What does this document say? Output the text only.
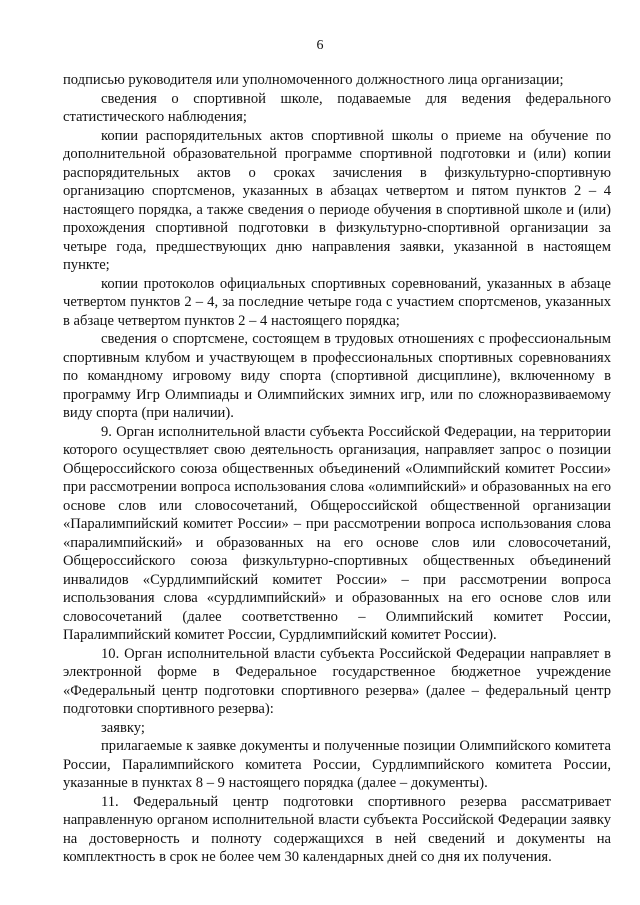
6

подписью руководителя или уполномоченного должностного лица организации;

сведения о спортивной школе, подаваемые для ведения федерального статистического наблюдения;

копии распорядительных актов спортивной школы о приеме на обучение по дополнительной образовательной программе спортивной подготовки и (или) копии распорядительных актов о сроках зачисления в физкультурно-спортивную организацию спортсменов, указанных в абзацах четвертом и пятом пунктов 2 – 4 настоящего порядка, а также сведения о периоде обучения в спортивной школе и (или) прохождения спортивной подготовки в физкультурно-спортивной организации за четыре года, предшествующих дню направления заявки, указанной в настоящем пункте;

копии протоколов официальных спортивных соревнований, указанных в абзаце четвертом пунктов 2 – 4, за последние четыре года с участием спортсменов, указанных в абзаце четвертом пунктов 2 – 4 настоящего порядка;

сведения о спортсмене, состоящем в трудовых отношениях с профессиональным спортивным клубом и участвующем в профессиональных спортивных соревнованиях по командному игровому виду спорта (спортивной дисциплине), включенному в программу Игр Олимпиады и Олимпийских зимних игр, или по сложноразвиваемому виду спорта (при наличии).

9. Орган исполнительной власти субъекта Российской Федерации, на территории которого осуществляет свою деятельность организация, направляет запрос о позиции Общероссийского союза общественных объединений «Олимпийский комитет России» при рассмотрении вопроса использования слова «олимпийский» и образованных на его основе слов или словосочетаний, Общероссийской общественной организации «Паралимпийский комитет России» – при рассмотрении вопроса использования слова «паралимпийский» и образованных на его основе слов или словосочетаний, Общероссийского союза физкультурно-спортивных общественных объединений инвалидов «Сурдлимпийский комитет России» – при рассмотрении вопроса использования слова «сурдлимпийский» и образованных на его основе слов или словосочетаний (далее соответственно – Олимпийский комитет России, Паралимпийский комитет России, Сурдлимпийский комитет России).

10. Орган исполнительной власти субъекта Российской Федерации направляет в электронной форме в Федеральное государственное бюджетное учреждение «Федеральный центр подготовки спортивного резерва» (далее – федеральный центр подготовки спортивного резерва):

заявку;

прилагаемые к заявке документы и полученные позиции Олимпийского комитета России, Паралимпийского комитета России, Сурдлимпийского комитета России, указанные в пунктах 8 – 9 настоящего порядка (далее – документы).

11. Федеральный центр подготовки спортивного резерва рассматривает направленную органом исполнительной власти субъекта Российской Федерации заявку на достоверность и полноту содержащихся в ней сведений и документы на комплектность в срок не более чем 30 календарных дней со дня их получения.
